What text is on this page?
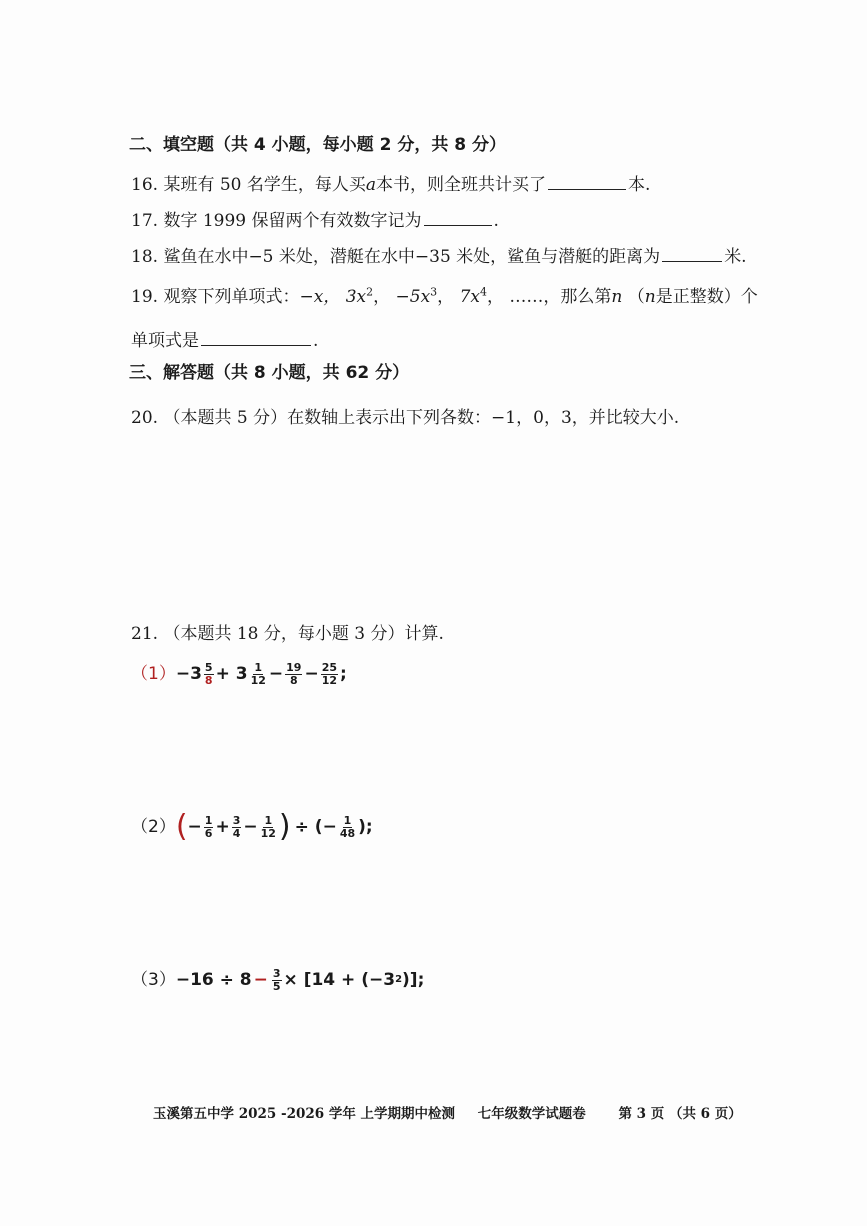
二、填空题（共 4 小题，每小题 2 分，共 8 分）
16. 某班有 50 名学生，每人买a本书，则全班共计买了	本.
17. 数字 1999 保留两个有效数字记为	.
18. 鲨鱼在水中−5 米处，潜艇在水中−35 米处，鲨鱼与潜艇的距离为	米.
19. 观察下列单项式：−x， $3x^2$， $-5x^3$， $7x^4$， ……，那么第n （n是正整数）个
单项式是	.
三、解答题（共 8 小题，共 62 分）
20. （本题共 5 分）在数轴上表示出下列各数：−1，0，3，并比较大小.
21. （本题共 18 分，每小题 3 分）计算.
$(1) -3 \frac{5}{8} + 3 \frac{1}{12} - \frac{19}{8} - \frac{25}{12}$ ;
（2） ( − $\frac{1}{6} + \frac{3}{4} - \frac{1}{12}$ ) ÷ (− $\frac{1}{48}$ );
$(3) -16 \div 8 - \frac{3}{5} \times [14 + (-3$ 2 )];
玉溪第五中学 2025 -2026 学年 上学期期中检测 七年级数学试题卷 第 3 页 （共 6 页）
